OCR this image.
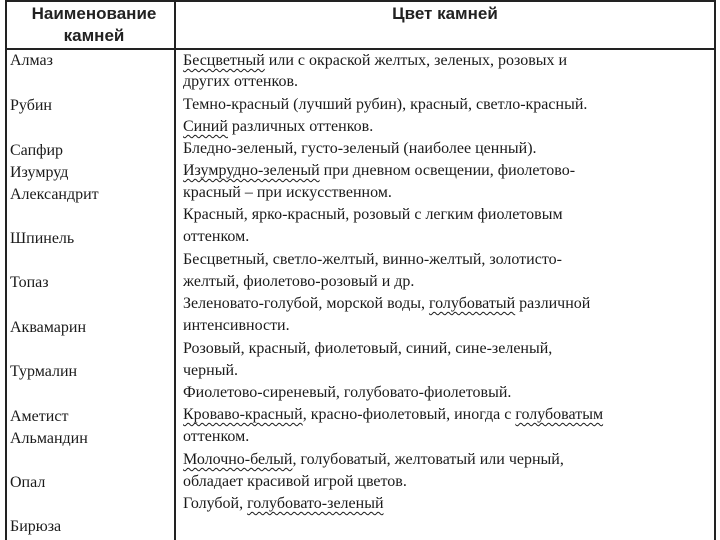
Наименование камней
Цвет камней
Алмаз
Рубин
Сапфир
Изумруд
Александрит
Шпинель
Топаз
Аквамарин
Турмалин
Аметист
Альмандин
Опал
Бирюза
Бесцветный или с окраской желтых, зеленых, розовых и
других оттенков.
Темно-красный (лучший рубин), красный, светло-красный.
Синий различных оттенков.
Бледно-зеленый, густо-зеленый (наиболее ценный).
Изумрудно-зеленый при дневном освещении, фиолетово-
красный – при искусственном.
Красный, ярко-красный, розовый с легким фиолетовым
оттенком.
Бесцветный, светло-желтый, винно-желтый, золотисто-
желтый, фиолетово-розовый и др.
Зеленовато-голубой, морской воды, голубоватый различной
интенсивности.
Розовый, красный, фиолетовый, синий, сине-зеленый,
черный.
Фиолетово-сиреневый, голубовато-фиолетовый.
Кроваво-красный, красно-фиолетовый, иногда с голубоватым
оттенком.
Молочно-белый, голубоватый, желтоватый или черный,
обладает красивой игрой цветов.
Голубой, голубовато-зеленый
